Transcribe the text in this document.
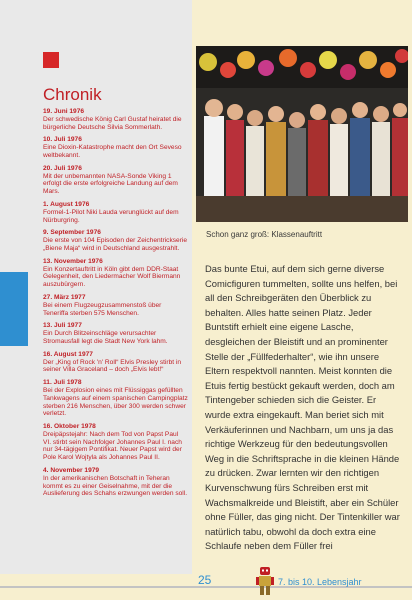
Chronik
19. Juni 1976
Der schwedische König Carl Gustaf heiratet die bürgerliche Deutsche Silvia Sommerlath.
10. Juli 1976
Eine Dioxin-Katastrophe macht den Ort Seveso weltbekannt.
20. Juli 1976
Mit der unbemannten NASA-Sonde Viking 1 erfolgt die erste erfolgreiche Landung auf dem Mars.
1. August 1976
Formel-1-Pilot Niki Lauda verunglückt auf dem Nürburgring.
9. September 1976
Die erste von 104 Episoden der Zeichentrickserie „Biene Maja“ wird in Deutschland ausgestrahlt.
13. November 1976
Ein Konzertauftritt in Köln gibt dem DDR-Staat Gelegenheit, den Liedermacher Wolf Biermann auszubürgern.
27. März 1977
Bei einem Flugzeugzusammenstoß über Teneriffa sterben 575 Menschen.
13. Juli 1977
Ein Durch Blitzeinschläge verursachter Stromausfall legt die Stadt New York lahm.
16. August 1977
Der „King of Rock 'n' Roll“ Elvis Presley stirbt in seiner Villa Graceland – doch „Elvis lebt!“
11. Juli 1978
Bei der Explosion eines mit Flüssiggas gefüllten Tankwagens auf einem spanischen Campingplatz sterben 216 Menschen, über 300 werden schwer verletzt.
16. Oktober 1978
Dreipäpstejahr: Nach dem Tod von Papst Paul VI. stirbt sein Nachfolger Johannes Paul I. nach nur 34-tägigem Pontifikat. Neuer Papst wird der Pole Karol Wojtyla als Johannes Paul II.
4. November 1979
In der amerikanischen Botschaft in Teheran kommt es zu einer Geiselnahme, mit der die Auslieferung des Schahs erzwungen werden soll.
Schon ganz groß: Klassenauftritt

Das bunte Etui, auf dem sich gerne diverse Comicfiguren tummelten, sollte uns helfen, bei all den Schreibgeräten den Überblick zu behalten. Alles hatte seinen Platz. Jeder Buntstift erhielt eine eigene Lasche, desgleichen der Bleistift und an prominenter Stelle der „Füllfederhalter“, wie ihn unsere Eltern respektvoll nannten. Meist konnten die Etuis fertig bestückt gekauft werden, doch am Tintengeber schieden sich die Geister. Er wurde extra eingekauft. Man beriet sich mit Verkäuferinnen und Nachbarn, um uns ja das richtige Werkzeug für den bedeutungsvollen Weg in die Schriftsprache in die kleinen Hände zu drücken. Zwar lernten wir den richtigen Kurvenschwung fürs Schreiben erst mit Wachsmalkreide und Bleistift, aber ein Schüler ohne Füller, das ging nicht. Der Tintenkiller war natürlich tabu, obwohl da doch extra eine Schlaufe neben dem Füller frei

25	7. bis 10. Lebensjahr
